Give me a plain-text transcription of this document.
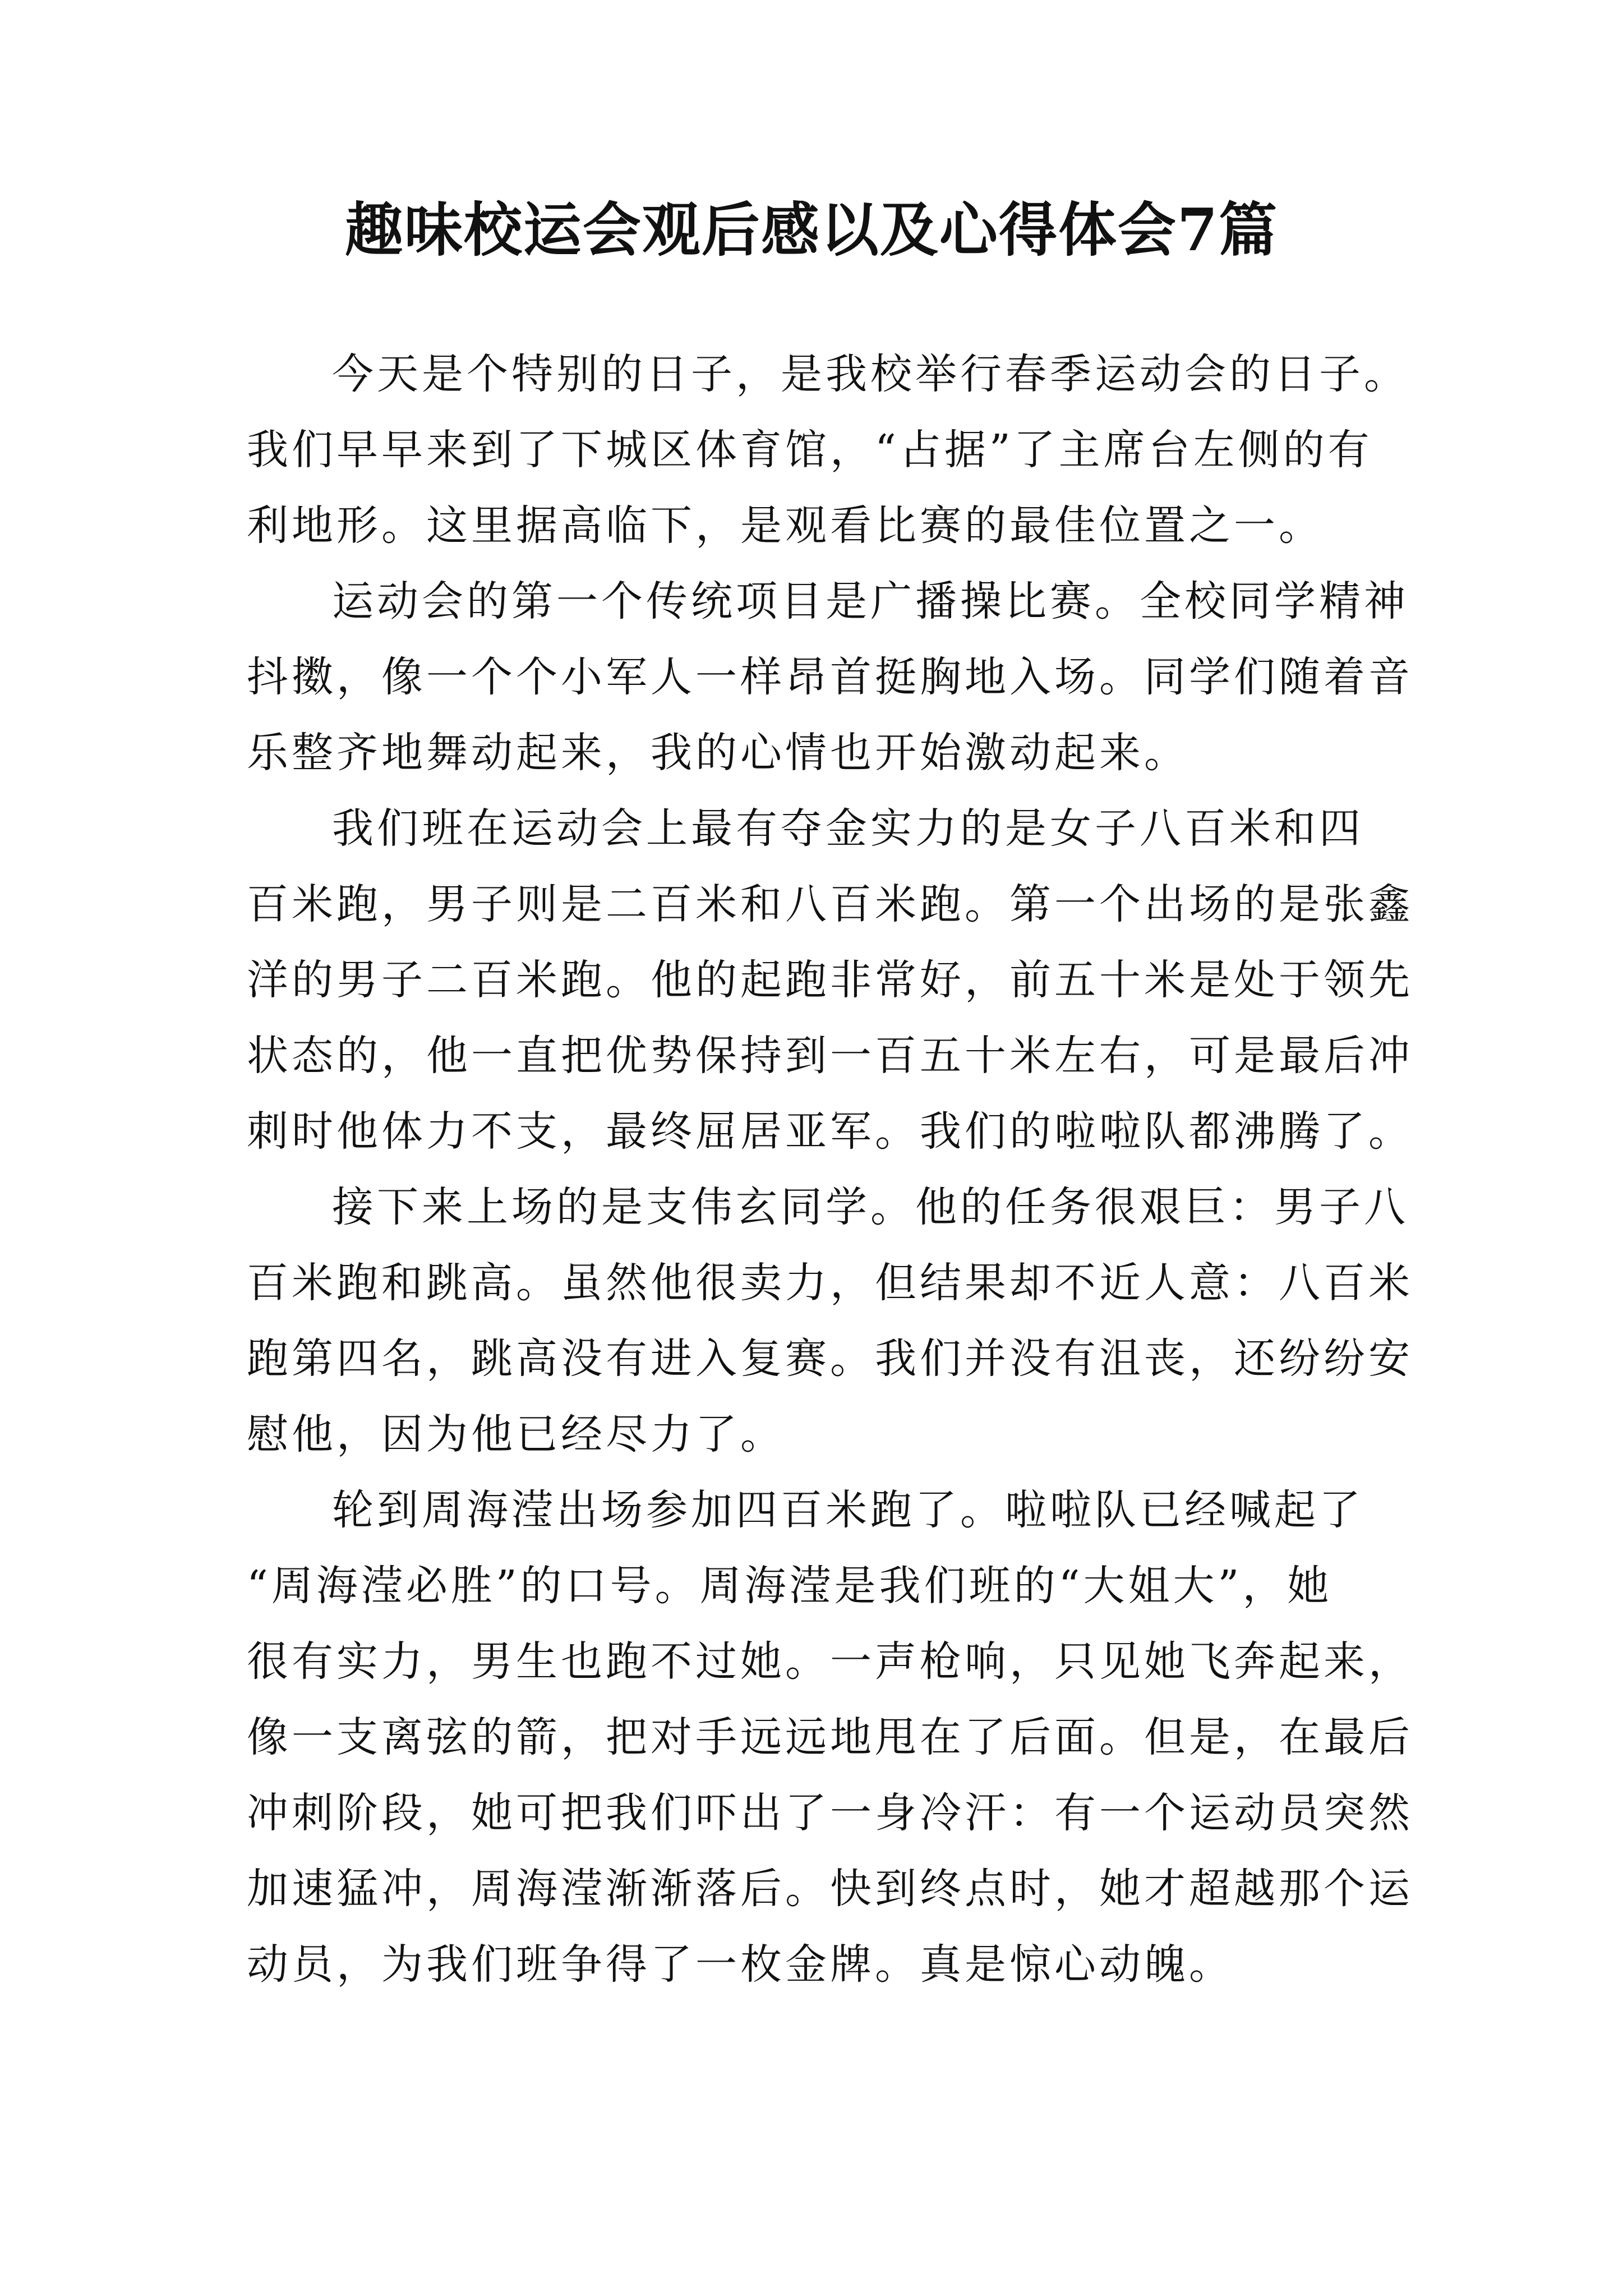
趣味校运会观后感以及心得体会7篇
今天是个特别的日子，是我校举行春季运动会的日子。
我们早早来到了下城区体育馆，“占据”了主席台左侧的有
利地形。这里据高临下，是观看比赛的最佳位置之一。
运动会的第一个传统项目是广播操比赛。全校同学精神
抖擞，像一个个小军人一样昂首挺胸地入场。同学们随着音
乐整齐地舞动起来，我的心情也开始激动起来。
我们班在运动会上最有夺金实力的是女子八百米和四
百米跑，男子则是二百米和八百米跑。第一个出场的是张鑫
洋的男子二百米跑。他的起跑非常好，前五十米是处于领先
状态的，他一直把优势保持到一百五十米左右，可是最后冲
刺时他体力不支，最终屈居亚军。我们的啦啦队都沸腾了。
接下来上场的是支伟玄同学。他的任务很艰巨：男子八
百米跑和跳高。虽然他很卖力，但结果却不近人意：八百米
跑第四名，跳高没有进入复赛。我们并没有沮丧，还纷纷安
慰他，因为他已经尽力了。
轮到周海滢出场参加四百米跑了。啦啦队已经喊起了
“周海滢必胜”的口号。周海滢是我们班的“大姐大”，她
很有实力，男生也跑不过她。一声枪响，只见她飞奔起来，
像一支离弦的箭，把对手远远地甩在了后面。但是，在最后
冲刺阶段，她可把我们吓出了一身冷汗：有一个运动员突然
加速猛冲，周海滢渐渐落后。快到终点时，她才超越那个运
动员，为我们班争得了一枚金牌。真是惊心动魄。
